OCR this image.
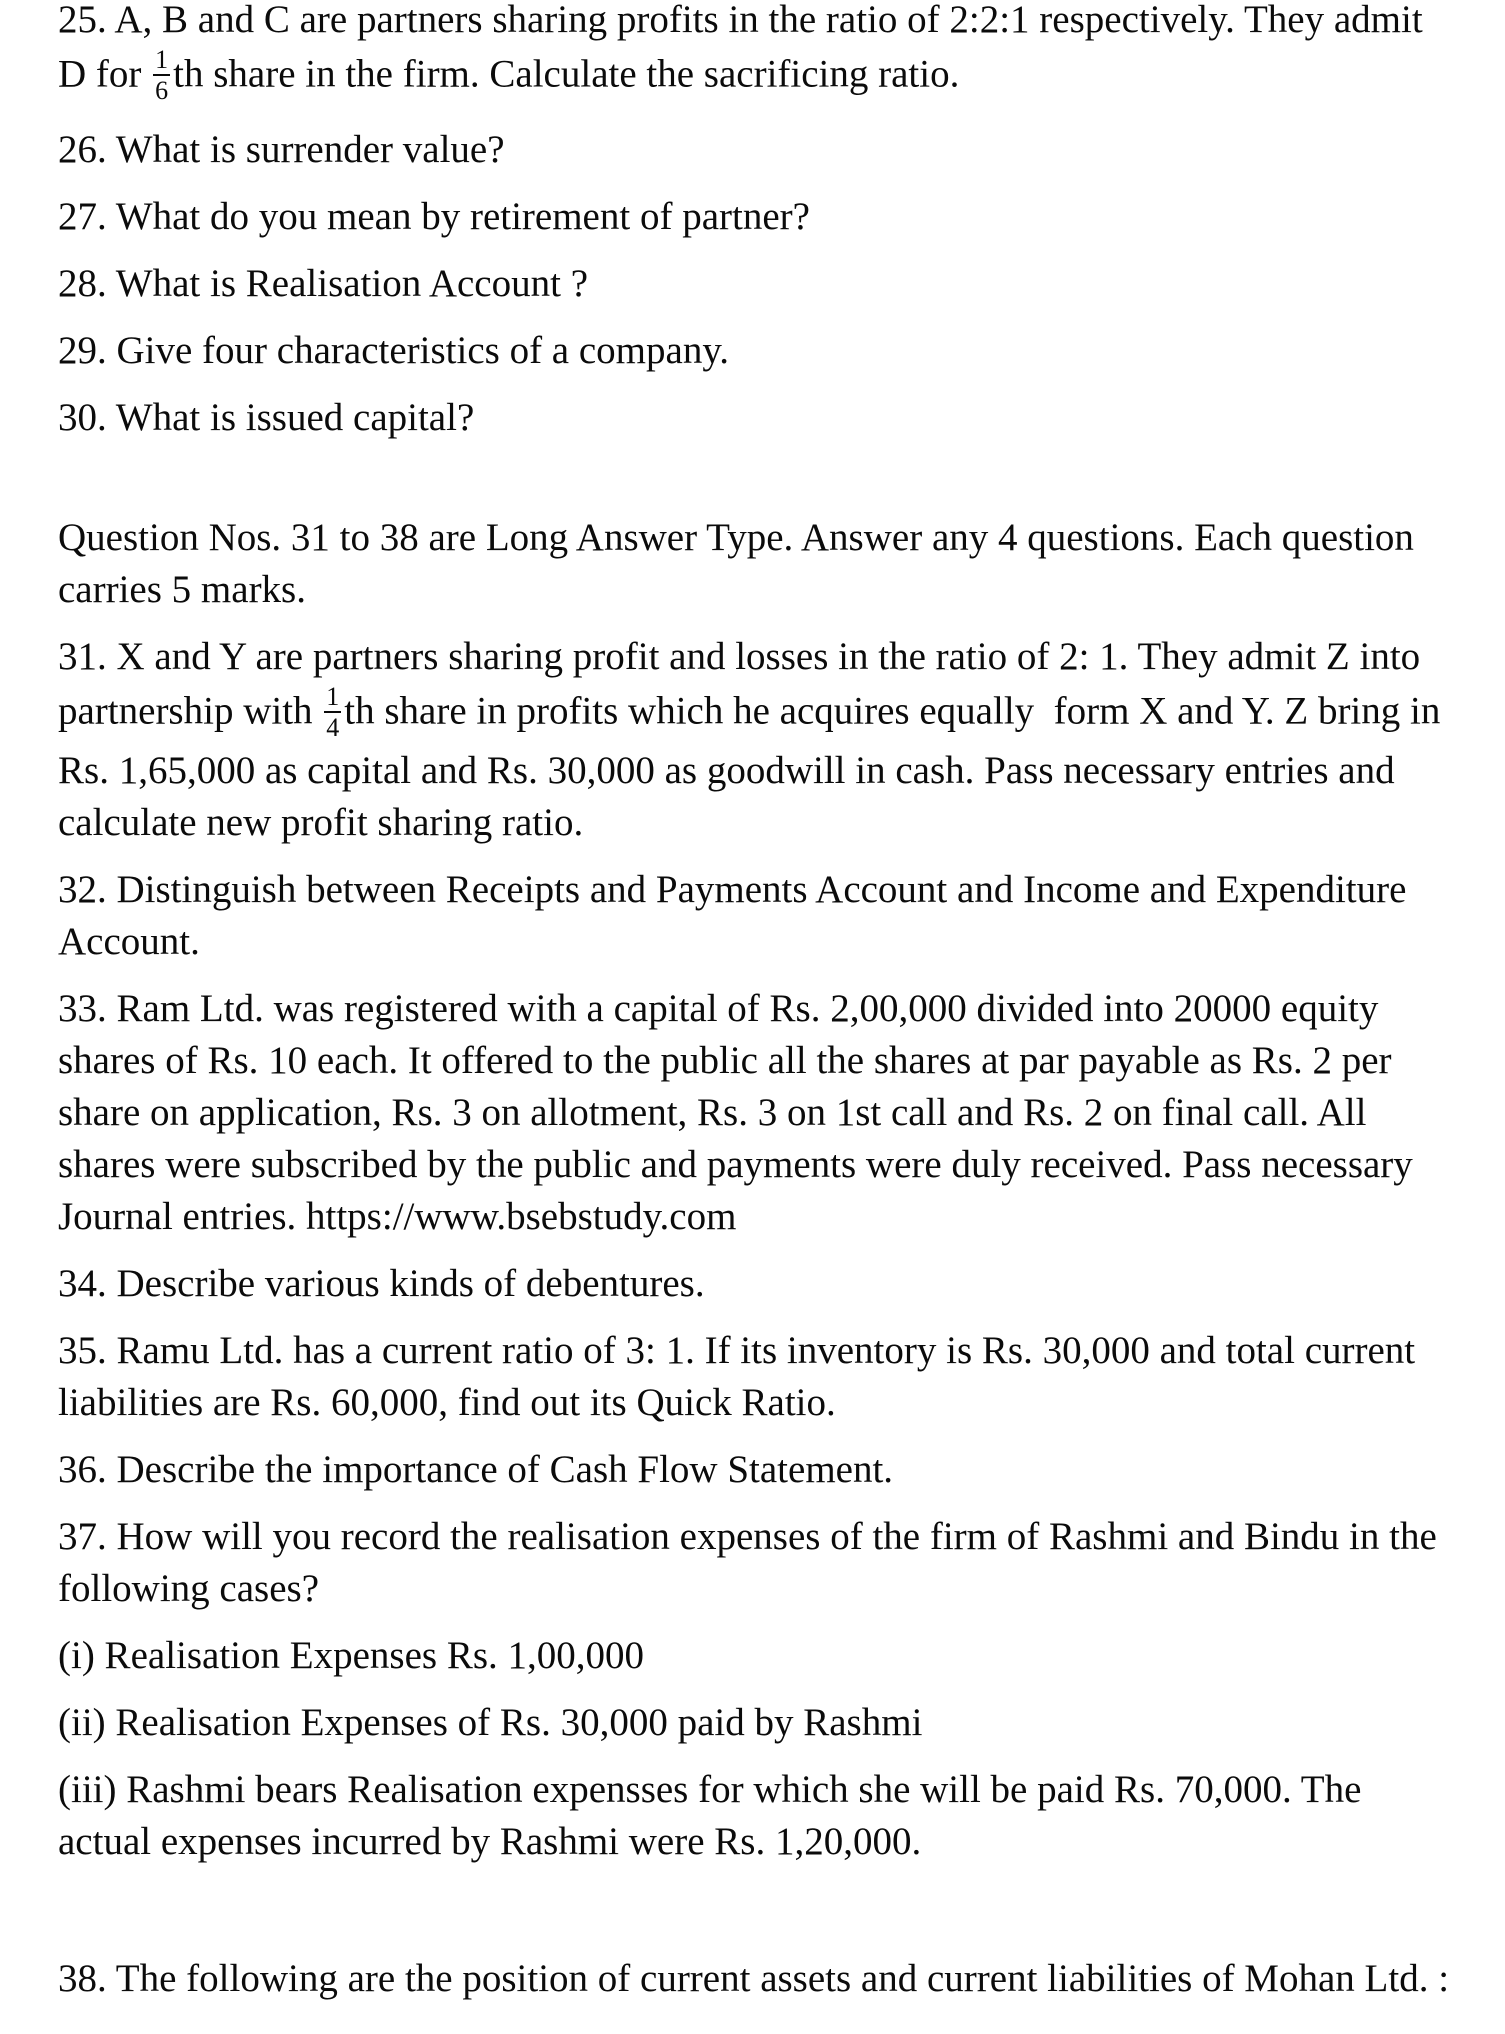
25. A, B and C are partners sharing profits in the ratio of 2:2:1 respectively. They admit
D for $\frac{1}{6}$ th share in the firm. Calculate the sacrificing ratio.
26. What is surrender value?
27. What do you mean by retirement of partner?
28. What is Realisation Account ?
29. Give four characteristics of a company.
30. What is issued capital?
Question Nos. 31 to 38 are Long Answer Type. Answer any 4 questions. Each question
carries 5 marks.
31. X and Y are partners sharing profit and losses in the ratio of 2: 1. They admit Z into
partnership with $\frac{1}{4}$ th share in profits which he acquires equally  form X and Y. Z bring in
Rs. 1,65,000 as capital and Rs. 30,000 as goodwill in cash. Pass necessary entries and
calculate new profit sharing ratio.
32. Distinguish between Receipts and Payments Account and Income and Expenditure
Account.
33. Ram Ltd. was registered with a capital of Rs. 2,00,000 divided into 20000 equity
shares of Rs. 10 each. It offered to the public all the shares at par payable as Rs. 2 per
share on application, Rs. 3 on allotment, Rs. 3 on 1st call and Rs. 2 on final call. All
shares were subscribed by the public and payments were duly received. Pass necessary
Journal entries. https://www.bsebstudy.com
34. Describe various kinds of debentures.
35. Ramu Ltd. has a current ratio of 3: 1. If its inventory is Rs. 30,000 and total current
liabilities are Rs. 60,000, find out its Quick Ratio.
36. Describe the importance of Cash Flow Statement.
37. How will you record the realisation expenses of the firm of Rashmi and Bindu in the
following cases?
(i) Realisation Expenses Rs. 1,00,000
(ii) Realisation Expenses of Rs. 30,000 paid by Rashmi
(iii) Rashmi bears Realisation expensses for which she will be paid Rs. 70,000. The
actual expenses incurred by Rashmi were Rs. 1,20,000.
38. The following are the position of current assets and current liabilities of Mohan Ltd. :
